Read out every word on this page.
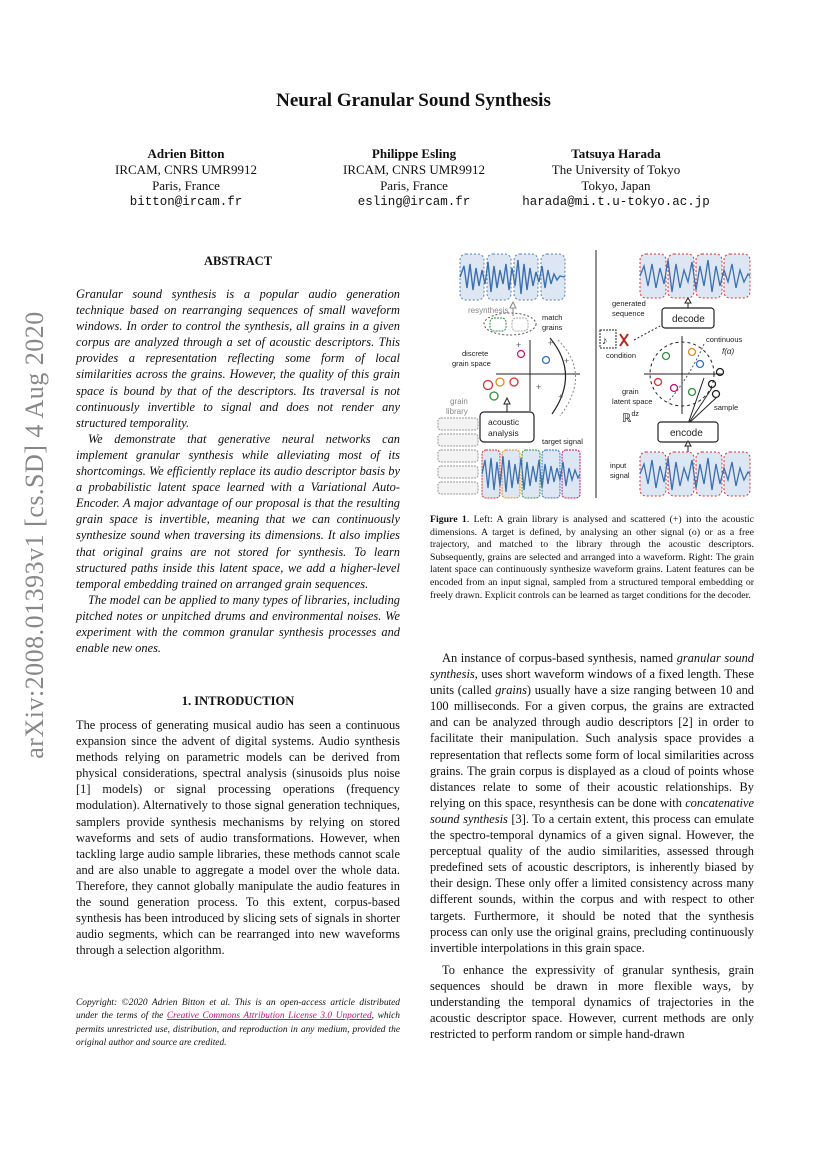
arXiv:2008.01393v1 [cs.SD] 4 Aug 2020
Neural Granular Sound Synthesis
Adrien Bitton
IRCAM, CNRS UMR9912
Paris, France
bitton@ircam.fr
Philippe Esling
IRCAM, CNRS UMR9912
Paris, France
esling@ircam.fr
Tatsuya Harada
The University of Tokyo
Tokyo, Japan
harada@mi.t.u-tokyo.ac.jp
ABSTRACT

Granular sound synthesis is a popular audio generation technique based on rearranging sequences of small waveform windows. In order to control the synthesis, all grains in a given corpus are analyzed through a set of acoustic descriptors. This provides a representation reflecting some form of local similarities across the grains. However, the quality of this grain space is bound by that of the descriptors. Its traversal is not continuously invertible to signal and does not render any structured temporality.

We demonstrate that generative neural networks can implement granular synthesis while alleviating most of its shortcomings. We efficiently replace its audio descriptor basis by a probabilistic latent space learned with a Variational Auto-Encoder. A major advantage of our proposal is that the resulting grain space is invertible, meaning that we can continuously synthesize sound when traversing its dimensions. It also implies that original grains are not stored for synthesis. To learn structured paths inside this latent space, we add a higher-level temporal embedding trained on arranged grain sequences.

The model can be applied to many types of libraries, including pitched notes or unpitched drums and environmental noises. We experiment with the common granular synthesis processes and enable new ones.

1. INTRODUCTION

The process of generating musical audio has seen a continuous expansion since the advent of digital systems. Audio synthesis methods relying on parametric models can be derived from physical considerations, spectral analysis (sinusoids plus noise [1] models) or signal processing operations (frequency modulation). Alternatively to those signal generation techniques, samplers provide synthesis mechanisms by relying on stored waveforms and sets of audio transformations. However, when tackling large audio sample libraries, these methods cannot scale and are also unable to aggregate a model over the whole data. Therefore, they cannot globally manipulate the audio features in the sound generation process. To this extent, corpus-based synthesis has been introduced by slicing sets of signals in shorter audio segments, which can be rearranged into new waveforms through a selection algorithm.

Copyright: ©2020 Adrien Bitton et al. This is an open-access article distributed under the terms of the Creative Commons Attribution License 3.0 Unported, which permits unrestricted use, distribution, and reproduction in any medium, provided the original author and source are credited.
resynthesis
match
grains
discrete
grain space
+
+
+
+
+
grain
library
acoustic
analysis
target signal
generated
sequence
decode
♪
condition
continuous
f(α)
grain
latent space
ℝ$^{dz}$
sample
encode
input
signal
Figure 1. Left: A grain library is analysed and scattered (+) into the acoustic dimensions. A target is defined, by analysing an other signal (o) or as a free trajectory, and matched to the library through the acoustic descriptors. Subsequently, grains are selected and arranged into a waveform. Right: The grain latent space can continuously synthesize waveform grains. Latent features can be encoded from an input signal, sampled from a structured temporal embedding or freely drawn. Explicit controls can be learned as target conditions for the decoder.

An instance of corpus-based synthesis, named granular sound synthesis, uses short waveform windows of a fixed length. These units (called grains) usually have a size ranging between 10 and 100 milliseconds. For a given corpus, the grains are extracted and can be analyzed through audio descriptors [2] in order to facilitate their manipulation. Such analysis space provides a representation that reflects some form of local similarities across grains. The grain corpus is displayed as a cloud of points whose distances relate to some of their acoustic relationships. By relying on this space, resynthesis can be done with concatenative sound synthesis [3]. To a certain extent, this process can emulate the spectro-temporal dynamics of a given signal. However, the perceptual quality of the audio similarities, assessed through predefined sets of acoustic descriptors, is inherently biased by their design. These only offer a limited consistency across many different sounds, within the corpus and with respect to other targets. Furthermore, it should be noted that the synthesis process can only use the original grains, precluding continuously invertible interpolations in this grain space.

To enhance the expressivity of granular synthesis, grain sequences should be drawn in more flexible ways, by understanding the temporal dynamics of trajectories in the acoustic descriptor space. However, current methods are only restricted to perform random or simple hand-drawn
